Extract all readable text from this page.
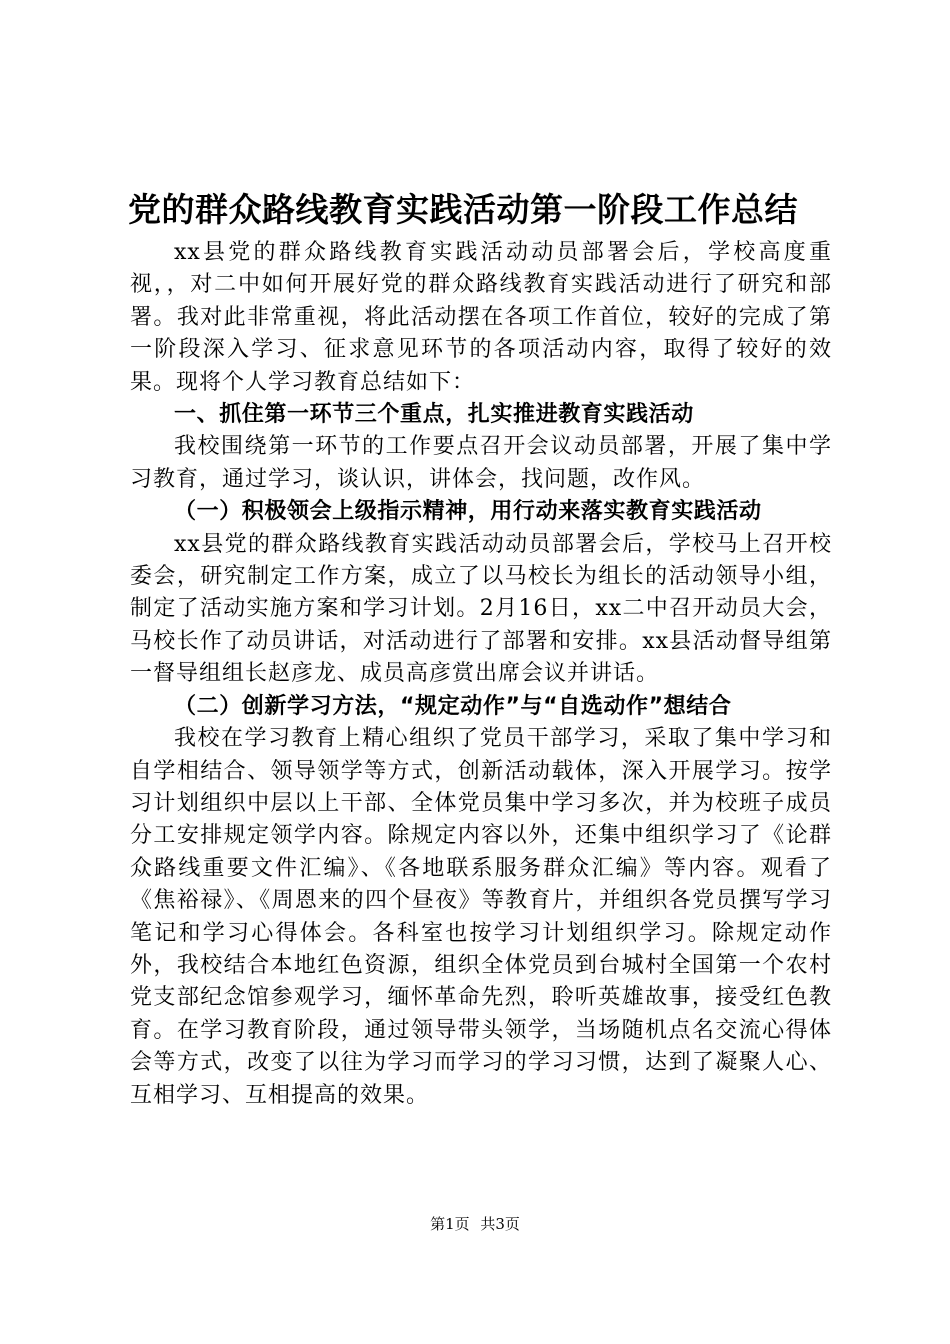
党的群众路线教育实践活动第一阶段工作总结

xx县党的群众路线教育实践活动动员部署会后，学校高度重视，，对二中如何开展好党的群众路线教育实践活动进行了研究和部署。我对此非常重视，将此活动摆在各项工作首位，较好的完成了第一阶段深入学习、征求意见环节的各项活动内容，取得了较好的效果。现将个人学习教育总结如下：

一、抓住第一环节三个重点，扎实推进教育实践活动

我校围绕第一环节的工作要点召开会议动员部署，开展了集中学习教育，通过学习，谈认识，讲体会，找问题，改作风。

（一）积极领会上级指示精神，用行动来落实教育实践活动

xx县党的群众路线教育实践活动动员部署会后，学校马上召开校委会，研究制定工作方案，成立了以马校长为组长的活动领导小组，制定了活动实施方案和学习计划。2月16日，xx二中召开动员大会，马校长作了动员讲话，对活动进行了部署和安排。xx县活动督导组第一督导组组长赵彦龙、成员高彦赏出席会议并讲话。

（二）创新学习方法，“规定动作”与“自选动作”想结合

我校在学习教育上精心组织了党员干部学习，采取了集中学习和自学相结合、领导领学等方式，创新活动载体，深入开展学习。按学习计划组织中层以上干部、全体党员集中学习多次，并为校班子成员分工安排规定领学内容。除规定内容以外，还集中组织学习了《论群众路线重要文件汇编》、《各地联系服务群众汇编》等内容。观看了《焦裕禄》、《周恩来的四个昼夜》等教育片，并组织各党员撰写学习笔记和学习心得体会。各科室也按学习计划组织学习。除规定动作外，我校结合本地红色资源，组织全体党员到台城村全国第一个农村党支部纪念馆参观学习，缅怀革命先烈，聆听英雄故事，接受红色教育。在学习教育阶段，通过领导带头领学，当场随机点名交流心得体会等方式，改变了以往为学习而学习的学习习惯，达到了凝聚人心、互相学习、互相提高的效果。

第1页 共3页
